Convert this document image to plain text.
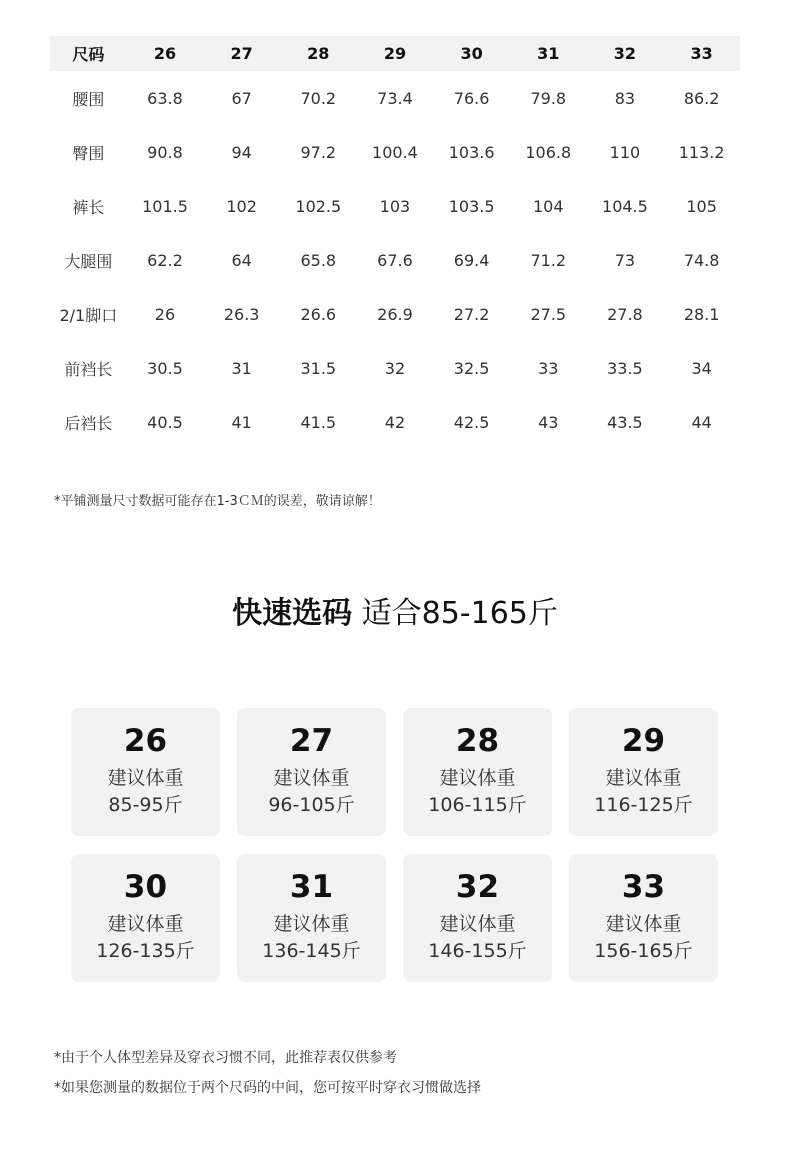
尺码	26	27	28	29	30	31	32	33
腰围	63.8	67	70.2	73.4	76.6	79.8	83	86.2
臀围	90.8	94	97.2	100.4	103.6	106.8	110	113.2
裤长	101.5	102	102.5	103	103.5	104	104.5	105
大腿围	62.2	64	65.8	67.6	69.4	71.2	73	74.8
2/1脚口	26	26.3	26.6	26.9	27.2	27.5	27.8	28.1
前裆长	30.5	31	31.5	32	32.5	33	33.5	34
后裆长	40.5	41	41.5	42	42.5	43	43.5	44
*平铺测量尺寸数据可能存在1-3ＣＭ的误差，敬请谅解！
快速选码 适合85-165斤
26
建议体重
85-95斤
27
建议体重
96-105斤
28
建议体重
106-115斤
29
建议体重
116-125斤
30
建议体重
126-135斤
31
建议体重
136-145斤
32
建议体重
146-155斤
33
建议体重
156-165斤
*由于个人体型差异及穿衣习惯不同，此推荐表仅供参考
*如果您测量的数据位于两个尺码的中间，您可按平时穿衣习惯做选择
